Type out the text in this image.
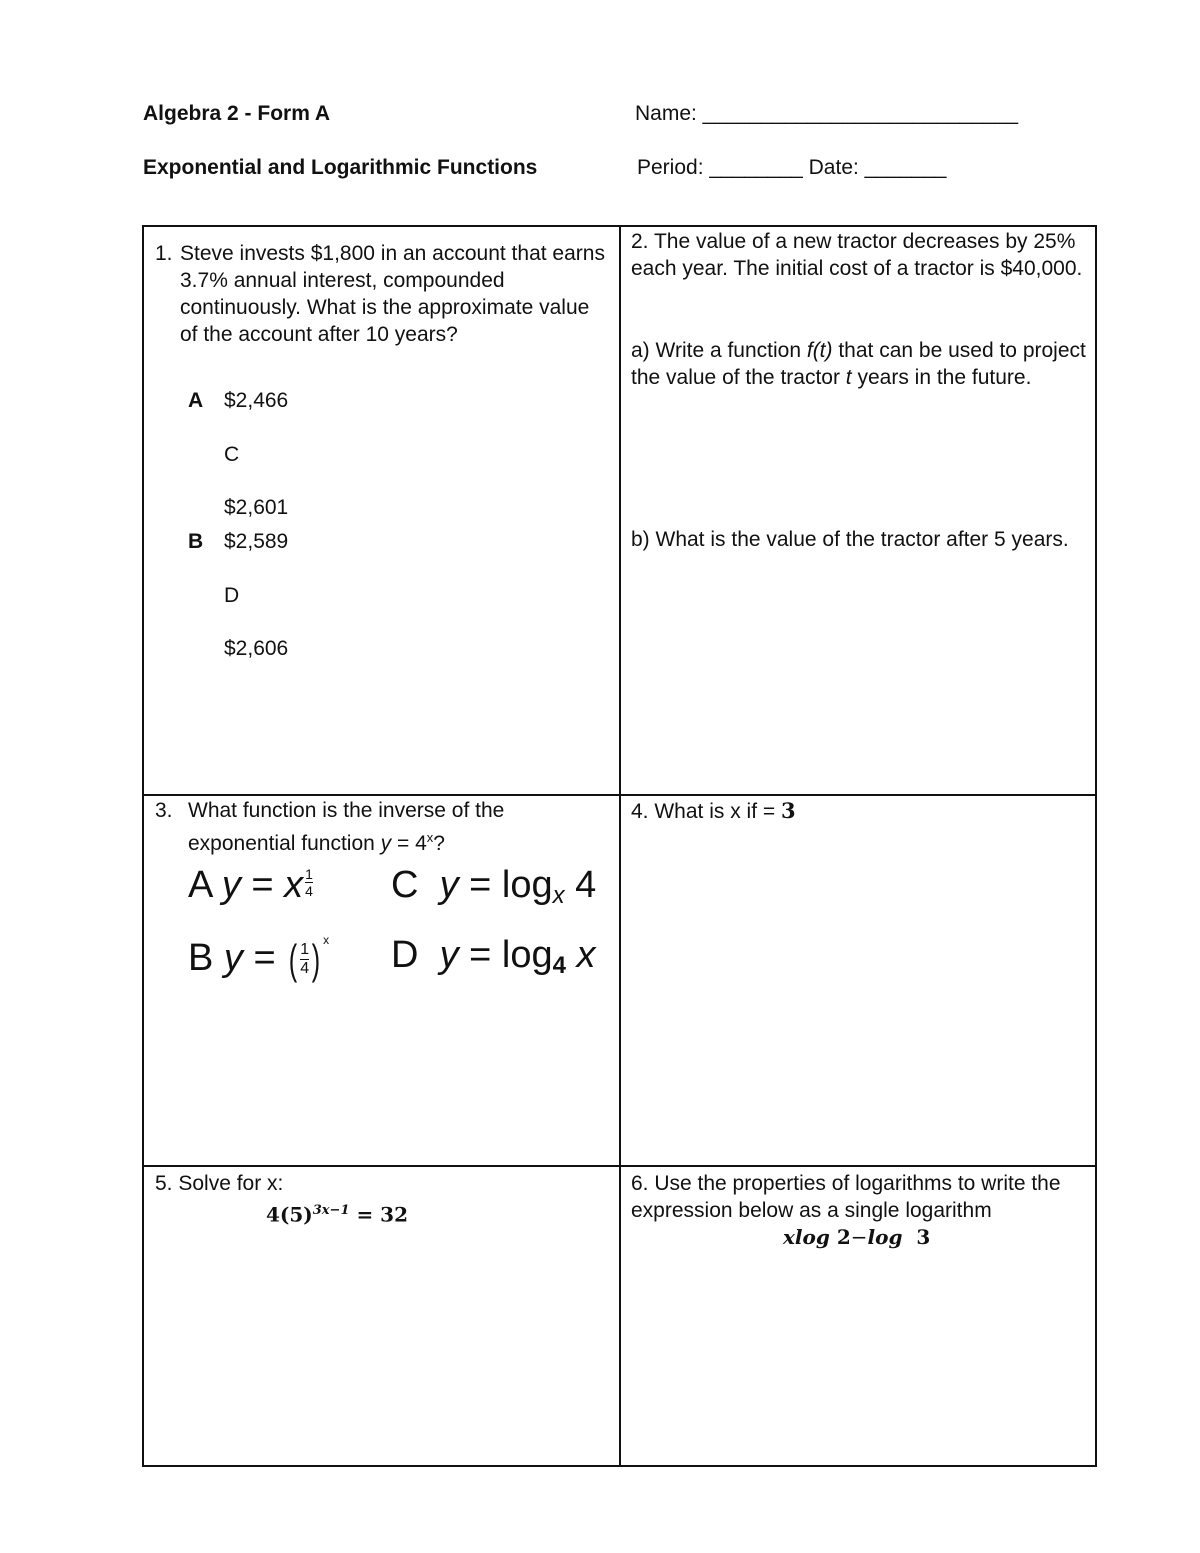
Algebra 2 - Form A
Exponential and Logarithmic Functions
Name: ___________________________
Period: ________ Date: _______
1. Steve invests $1,800 in an account that earns 3.7% annual interest, compounded continuously. What is the approximate value of the account after 10 years?
A $2,466
C
$2,601
B $2,589
D
$2,606
2. The value of a new tractor decreases by 25% each year. The initial cost of a tractor is $40,000.
a) Write a function f(t) that can be used to project the value of the tractor t years in the future.
b) What is the value of the tractor after 5 years.
3. What function is the inverse of the exponential function $y = 4^x$?
A y = x $\frac{1}{4}$
B y = ( $\frac{1}{4}$ ) $^x$
C $y = \log_x 4$
D $y = \log_4 x$
4. What is x if = 3
5. Solve for x:
$4(5)^{3x-1} = 32$
6. Use the properties of logarithms to write the expression below as a single logarithm
xlog 2−log  3
